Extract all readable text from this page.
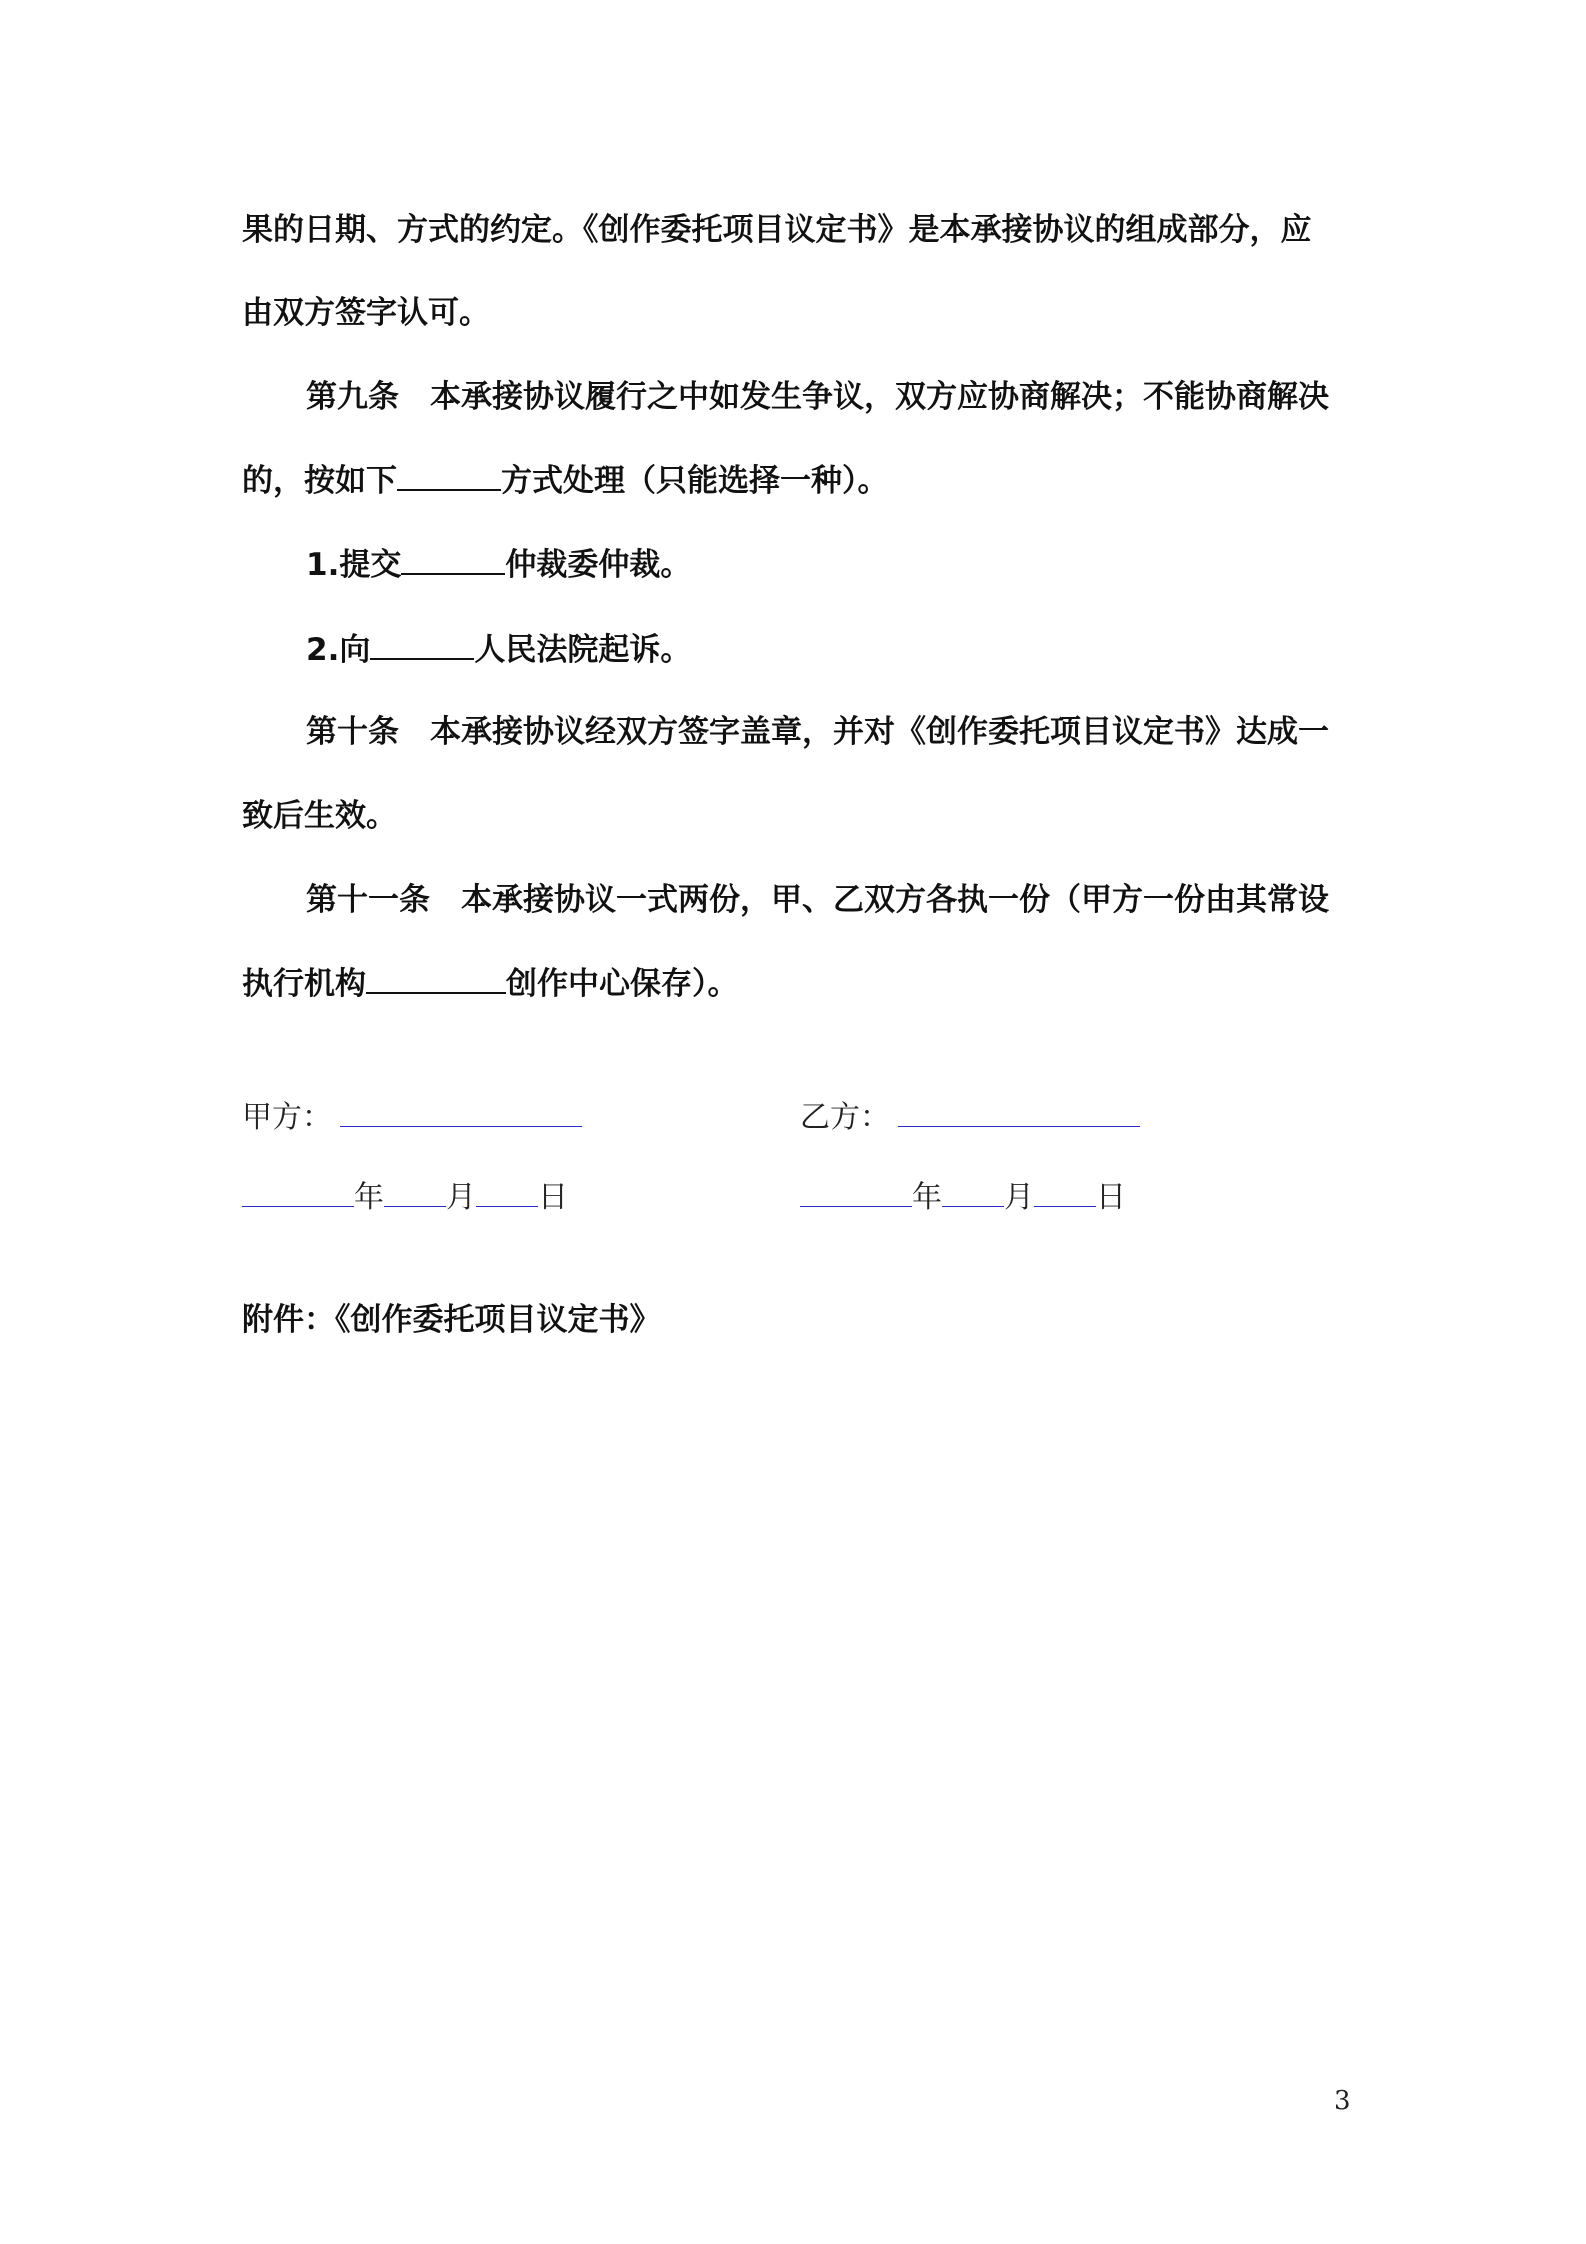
果的日期、方式的约定。《创作委托项目议定书》是本承接协议的组成部分，应
由双方签字认可。
第九条　本承接协议履行之中如发生争议，双方应协商解决；不能协商解决
的，按如下	方式处理（只能选择一种）。
1.提交	仲裁委仲裁。
2.向	人民法院起诉。
第十条　本承接协议经双方签字盖章，并对《创作委托项目议定书》达成一
致后生效。
第十一条　本承接协议一式两份，甲、乙双方各执一份（甲方一份由其常设
执行机构	创作中心保存）。
甲方：
年 月 日
乙方：
年 月 日
附件：《创作委托项目议定书》
3
